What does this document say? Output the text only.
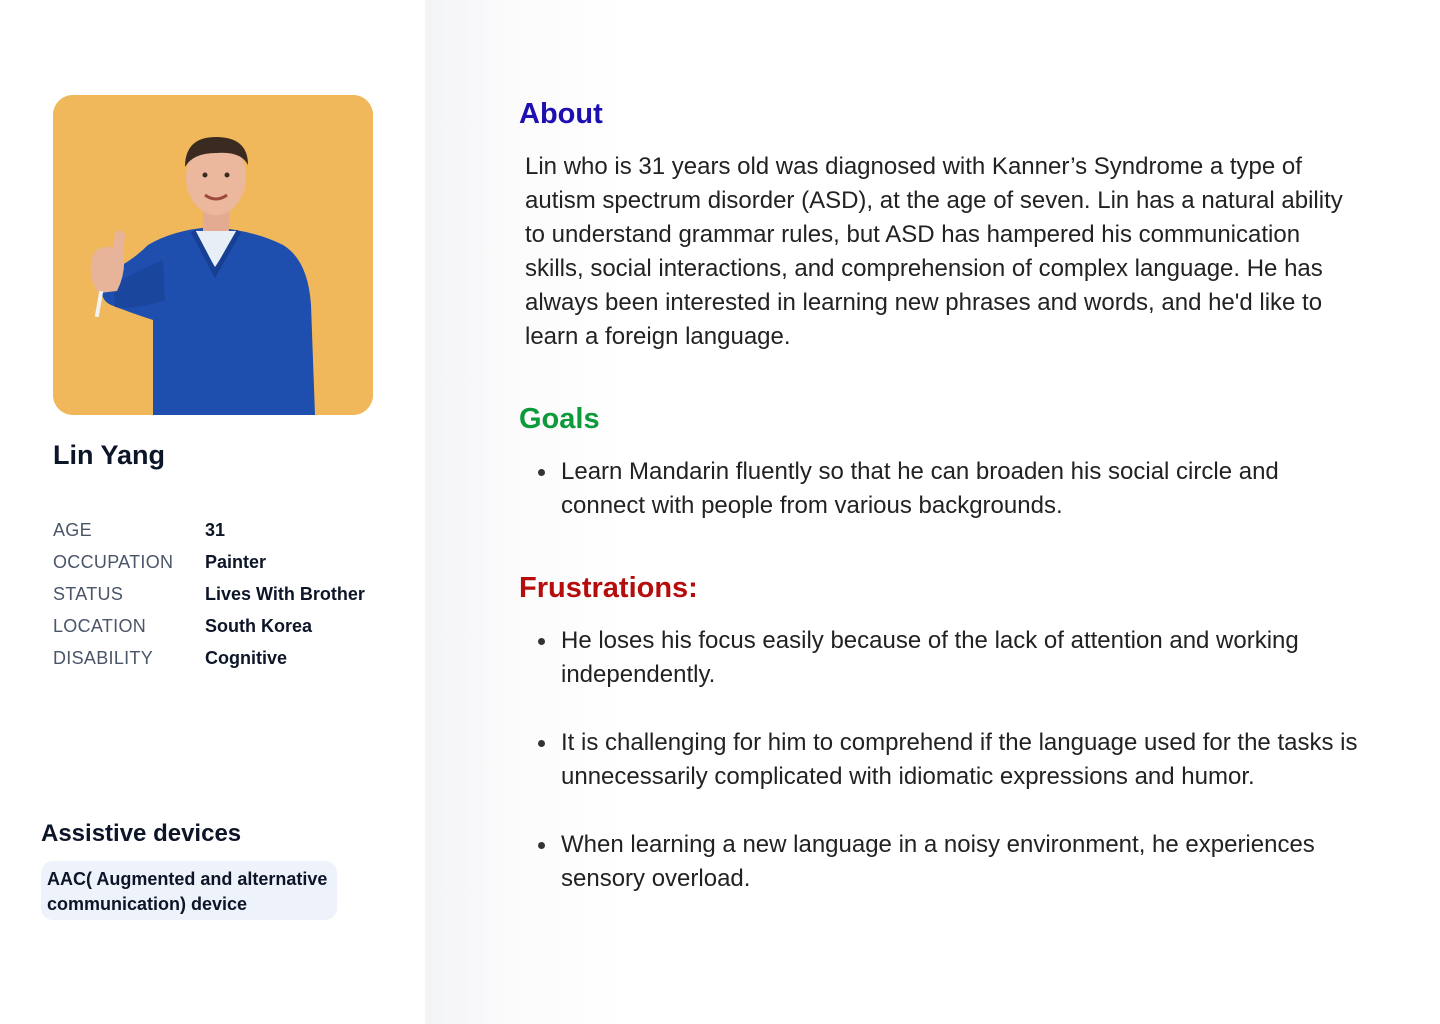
Lin Yang
AGE	31
OCCUPATION	Painter
STATUS	Lives With Brother
LOCATION	South Korea
DISABILITY	Cognitive
Assistive devices
AAC( Augmented and alternative communication) device
About

Lin who is 31 years old was diagnosed with Kanner’s Syndrome a type of autism spectrum disorder (ASD), at the age of seven. Lin has a natural ability to understand grammar rules, but ASD has hampered his communication skills, social interactions, and comprehension of complex language. He has always been interested in learning new phrases and words, and he'd like to learn a foreign language.

Goals
Learn Mandarin fluently so that he can broaden his social circle and connect with people from various backgrounds.
Frustrations:
He loses his focus easily because of the lack of attention and working independently.
It is challenging for him to comprehend if the language used for the tasks is unnecessarily complicated with idiomatic expressions and humor.
When learning a new language in a noisy environment, he experiences sensory overload.
